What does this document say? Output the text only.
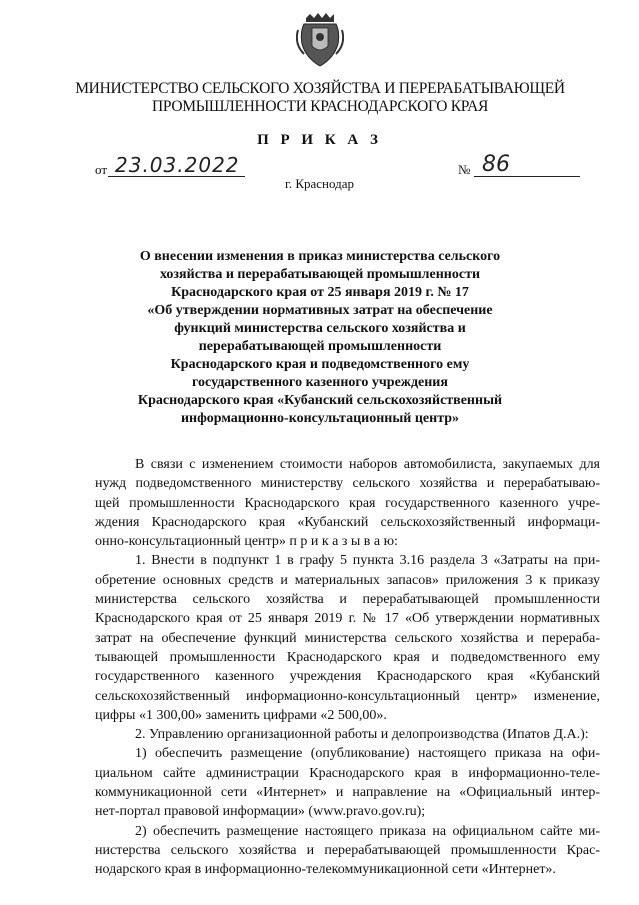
МИНИСТЕРСТВО СЕЛЬСКОГО ХОЗЯЙСТВА И ПЕРЕРАБАТЫВАЮЩЕЙ
ПРОМЫШЛЕННОСТИ КРАСНОДАРСКОГО КРАЯ
П Р И К А З
от 23.03.2022	№ 86
г. Краснодар
О внесении изменения в приказ министерства сельского
хозяйства и перерабатывающей промышленности
Краснодарского края от 25 января 2019 г. № 17
«Об утверждении нормативных затрат на обеспечение
функций министерства сельского хозяйства и
перерабатывающей промышленности
Краснодарского края и подведомственного ему
государственного казенного учреждения
Краснодарского края «Кубанский сельскохозяйственный
информационно-консультационный центр»
В связи с изменением стоимости наборов автомобилиста, закупаемых для
нужд подведомственного министерству сельского хозяйства и перерабатываю-
щей промышленности Краснодарского края государственного казенного учре-
ждения Краснодарского края «Кубанский сельскохозяйственный информаци-
онно-консультационный центр» п р и к а з ы в а ю:
1. Внести в подпункт 1 в графу 5 пункта 3.16 раздела 3 «Затраты на при-
обретение основных средств и материальных запасов» приложения 3 к приказу
министерства сельского хозяйства и перерабатывающей промышленности
Краснодарского края от 25 января 2019 г. № 17 «Об утверждении нормативных
затрат на обеспечение функций министерства сельского хозяйства и перераба-
тывающей промышленности Краснодарского края и подведомственного ему
государственного казенного учреждения Краснодарского края «Кубанский
сельскохозяйственный информационно-консультационный центр» изменение,
цифры «1 300,00» заменить цифрами «2 500,00».
2. Управлению организационной работы и делопроизводства (Ипатов Д.А.):
1) обеспечить размещение (опубликование) настоящего приказа на офи-
циальном сайте администрации Краснодарского края в информационно-теле-
коммуникационной сети «Интернет» и направление на «Официальный интер-
нет-портал правовой информации» (www.pravo.gov.ru);
2) обеспечить размещение настоящего приказа на официальном сайте ми-
нистерства сельского хозяйства и перерабатывающей промышленности Крас-
нодарского края в информационно-телекоммуникационной сети «Интернет».
